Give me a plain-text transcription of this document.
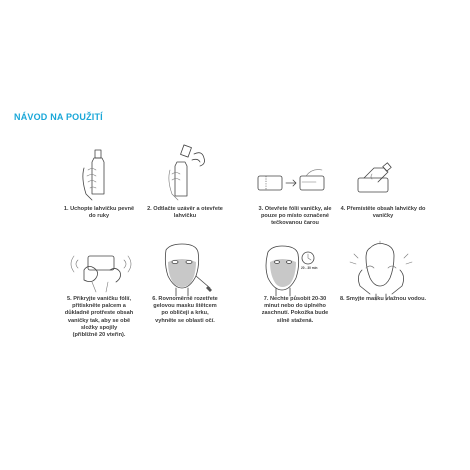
NÁVOD NA POUŽITÍ
1. Uchopte lahvičku pevně
do ruky
2. Odtlačte uzávěr a otevřete
lahvičku
3. Otevřete fólii vaničky, ale
pouze po místo označené
tečkovanou čarou
4. Přemístěte obsah lahvičky do
vaničky
5. Přikryjte vaničku fólií,
přitiskněte palcem a
důkladně protřeste obsah
vaničky tak, aby se obě
složky spojily
(přibližně 20 vteřin).
6. Rovnoměrně rozetřete
gelovou masku štětcem
po obličeji a krku,
vyhněte se oblasti očí.
20 - 30 min
7. Nechte působit 20-30
minut nebo do úplného
zaschnutí. Pokožka bude
silně stažená.
8. Smyjte masku vlažnou vodou.
